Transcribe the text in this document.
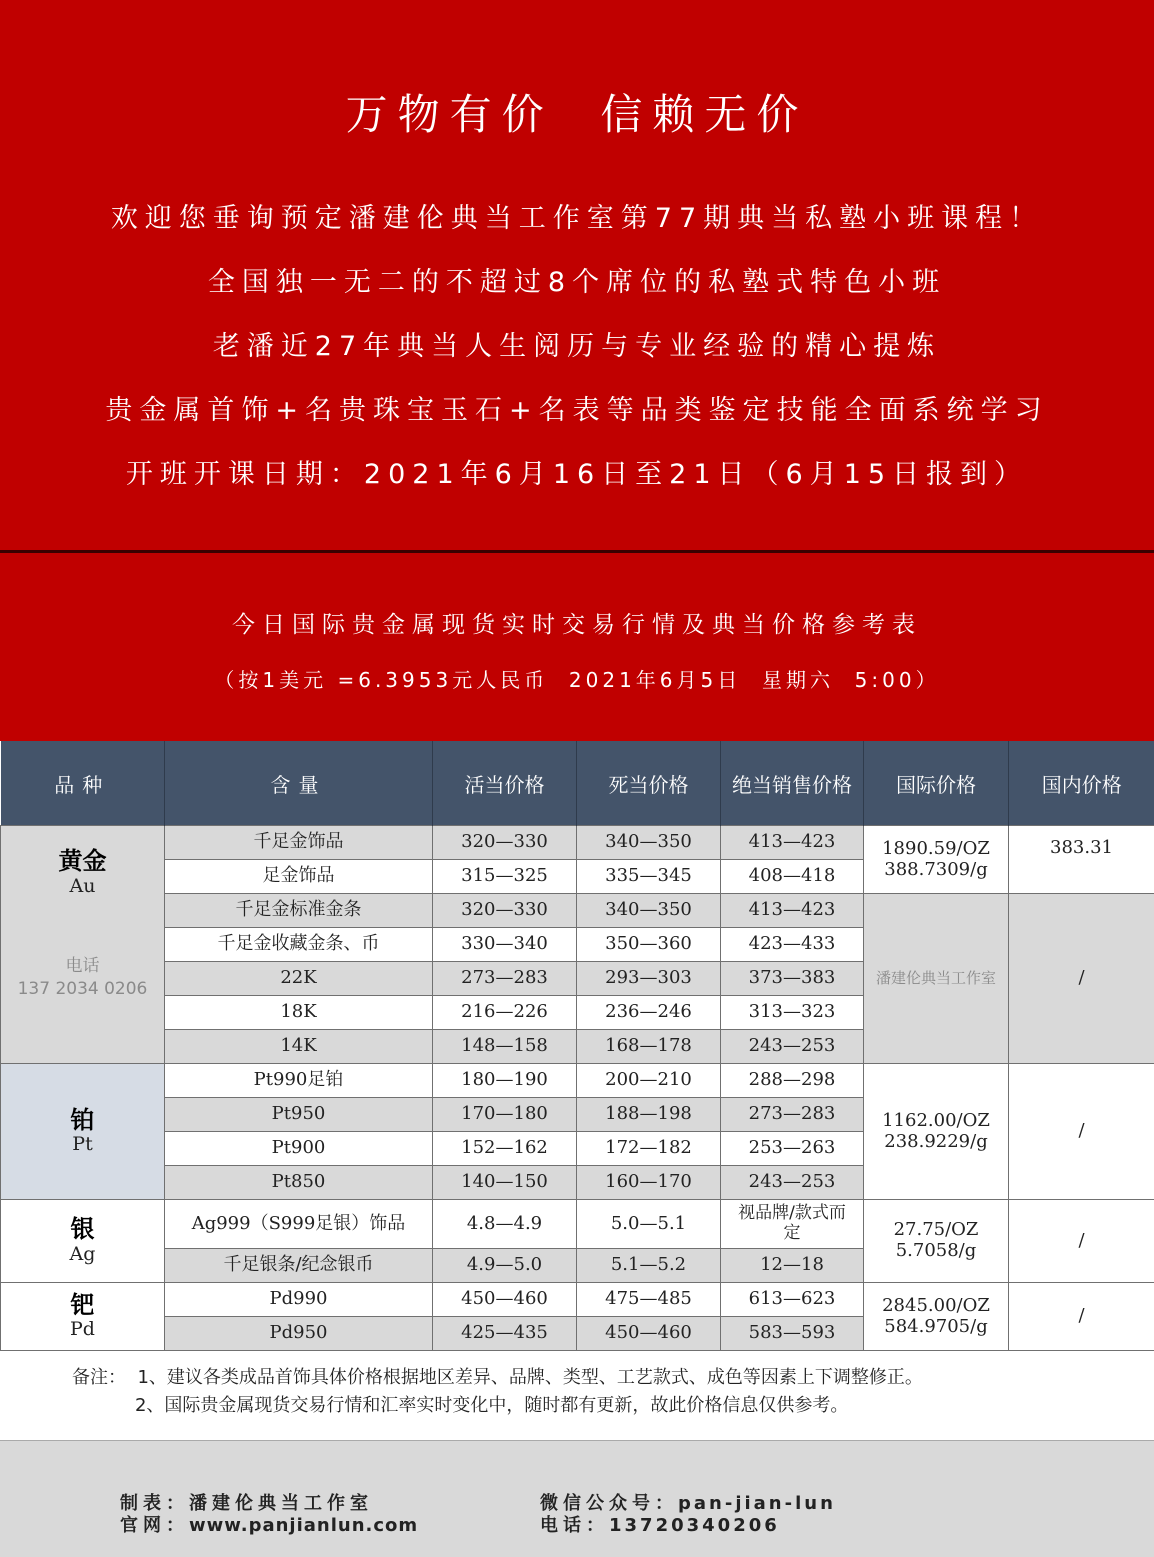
万物有价  信赖无价
欢迎您垂询预定潘建伦典当工作室第77期典当私塾小班课程！
全国独一无二的不超过8个席位的私塾式特色小班
老潘近27年典当人生阅历与专业经验的精心提炼
贵金属首饰+名贵珠宝玉石+名表等品类鉴定技能全面系统学习
开班开课日期：2021年6月16日至21日（6月15日报到）
今日国际贵金属现货实时交易行情及典当价格参考表
（按1美元 =6.3953元人民币  2021年6月5日  星期六  5:00）
品种	含量	活当价格	死当价格	绝当销售价格	国际价格	国内价格

黄金
Au
电话
137 2034 0206	千足金饰品	320—330	340—350	413—423	1890.59/OZ
388.7309/g	383.31
	足金饰品	315—325	335—345	408—418		
	千足金标准金条	320—330	340—350	413—423	潘建伦典当工作室	/
	千足金收藏金条、币	330—340	350—360	423—433		
	22K	273—283	293—303	373—383		
	18K	216—226	236—246	313—323		
	14K	148—158	168—178	243—253		

铂
Pt	Pt990足铂	180—190	200—210	288—298	1162.00/OZ
238.9229/g	/
	Pt950	170—180	188—198	273—283		
	Pt900	152—162	172—182	253—263		
	Pt850	140—150	160—170	243—253		

银
Ag	Ag999（S999足银）饰品	4.8—4.9	5.0—5.1	视品牌/款式而定	27.75/OZ
5.7058/g	/
	千足银条/纪念银币	4.9—5.0	5.1—5.2	12—18		

钯
Pd	Pd990	450—460	475—485	613—623	2845.00/OZ
584.9705/g	/
	Pd950	425—435	450—460	583—593		
备注： 1、建议各类成品首饰具体价格根据地区差异、品牌、类型、工艺款式、成色等因素上下调整修正。
2、国际贵金属现货交易行情和汇率实时变化中，随时都有更新，故此价格信息仅供参考。
制表：潘建伦典当工作室
官网：www.panjianlun.com
微信公众号：pan-jian-lun
电话：13720340206
